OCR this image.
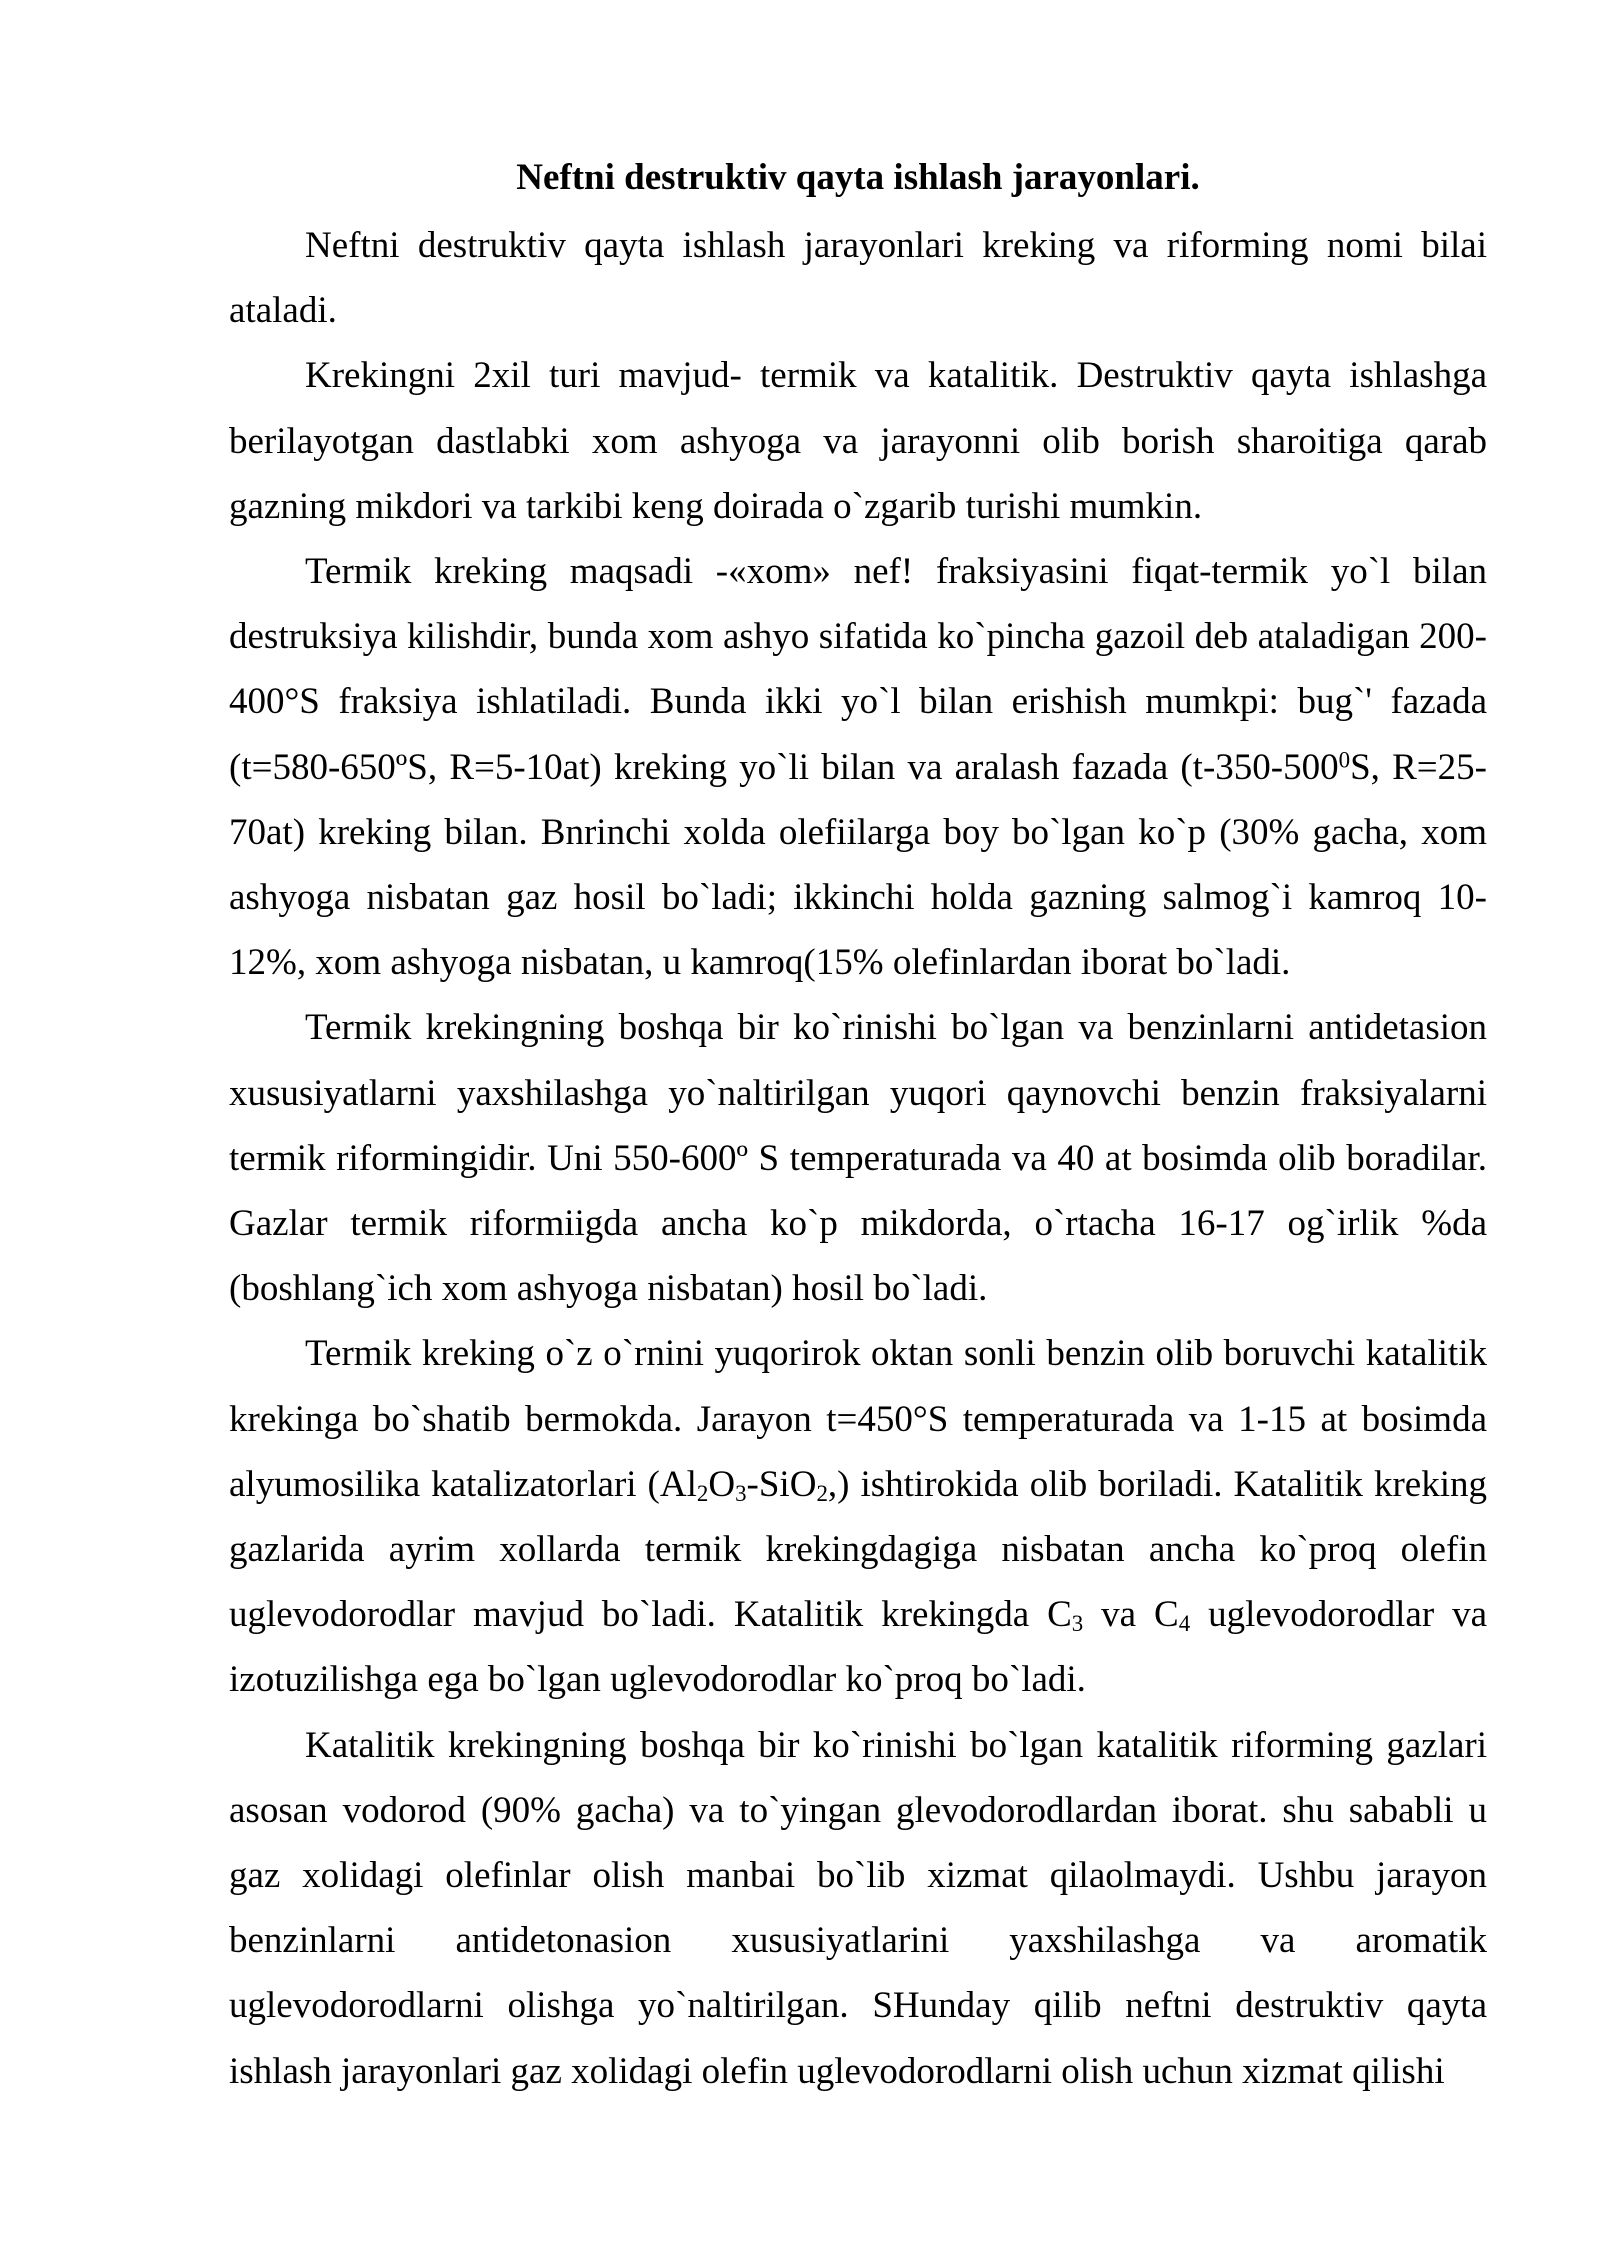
Neftni destruktiv qayta ishlash jarayonlari.

Neftni destruktiv qayta ishlash jarayonlari kreking va riforming nomi bilai ataladi.

Krekingni 2xil turi mavjud- termik va katalitik. Destruktiv qayta ishlashga berilayotgan dastlabki xom ashyoga va jarayonni olib borish sharoitiga qarab gazning mikdori va tarkibi keng doirada o`zgarib turishi mumkin.

Termik kreking maqsadi -«xom» nef! fraksiyasini fiqat-termik yo`l bilan destruksiya kilishdir, bunda xom ashyo sifatida ko`pincha gazoil deb ataladigan 200-400°S fraksiya ishlatiladi. Bunda ikki yo`l bilan erishish mumkpi: bug`' fazada (t=580-650ºS, R=5-10at) kreking yo`li bilan va aralash fazada ($t-350-500^0S$, R=25-70at) kreking bilan. Bnrinchi xolda olefiilarga boy bo`lgan ko`p (30% gacha, xom ashyoga nisbatan gaz hosil bo`ladi; ikkinchi holda gazning salmog`i kamroq 10-12%, xom ashyoga nisbatan, u kamroq(15% olefinlardan iborat bo`ladi.

Termik krekingning boshqa bir ko`rinishi bo`lgan va benzinlarni antidetasion xususiyatlarni yaxshilashga yo`naltirilgan yuqori qaynovchi benzin fraksiyalarni termik riformingidir. Uni 550-600º S temperaturada va 40 at bosimda olib boradilar. Gazlar termik riformiigda ancha ko`p mikdorda, o`rtacha 16-17 og`irlik %da (boshlang`ich xom ashyoga nisbatan) hosil bo`ladi.

Termik kreking o`z o`rnini yuqorirok oktan sonli benzin olib boruvchi katalitik krekinga bo`shatib bermokda. Jarayon t=450°S temperaturada va 1-15 at bosimda alyumosilika katalizatorlari $(Al_2O_3-SiO_2,)$ ishtirokida olib boriladi. Katalitik kreking gazlarida ayrim xollarda termik krekingdagiga nisbatan ancha ko`proq olefin uglevodorodlar mavjud bo`ladi. Katalitik krekingda $C_3$ va $C_4$ uglevodorodlar va izotuzilishga ega bo`lgan uglevodorodlar ko`proq bo`ladi.

Katalitik krekingning boshqa bir ko`rinishi bo`lgan katalitik riforming gazlari asosan vodorod (90% gacha) va to`yingan glevodorodlardan iborat. shu sababli u gaz xolidagi olefinlar olish manbai bo`lib xizmat qilaolmaydi. Ushbu jarayon benzinlarni antidetonasion xususiyatlarini yaxshilashga va aromatik uglevodorodlarni olishga yo`naltirilgan. SHunday qilib neftni destruktiv qayta ishlash jarayonlari gaz xolidagi olefin uglevodorodlarni olish uchun xizmat qilishi
